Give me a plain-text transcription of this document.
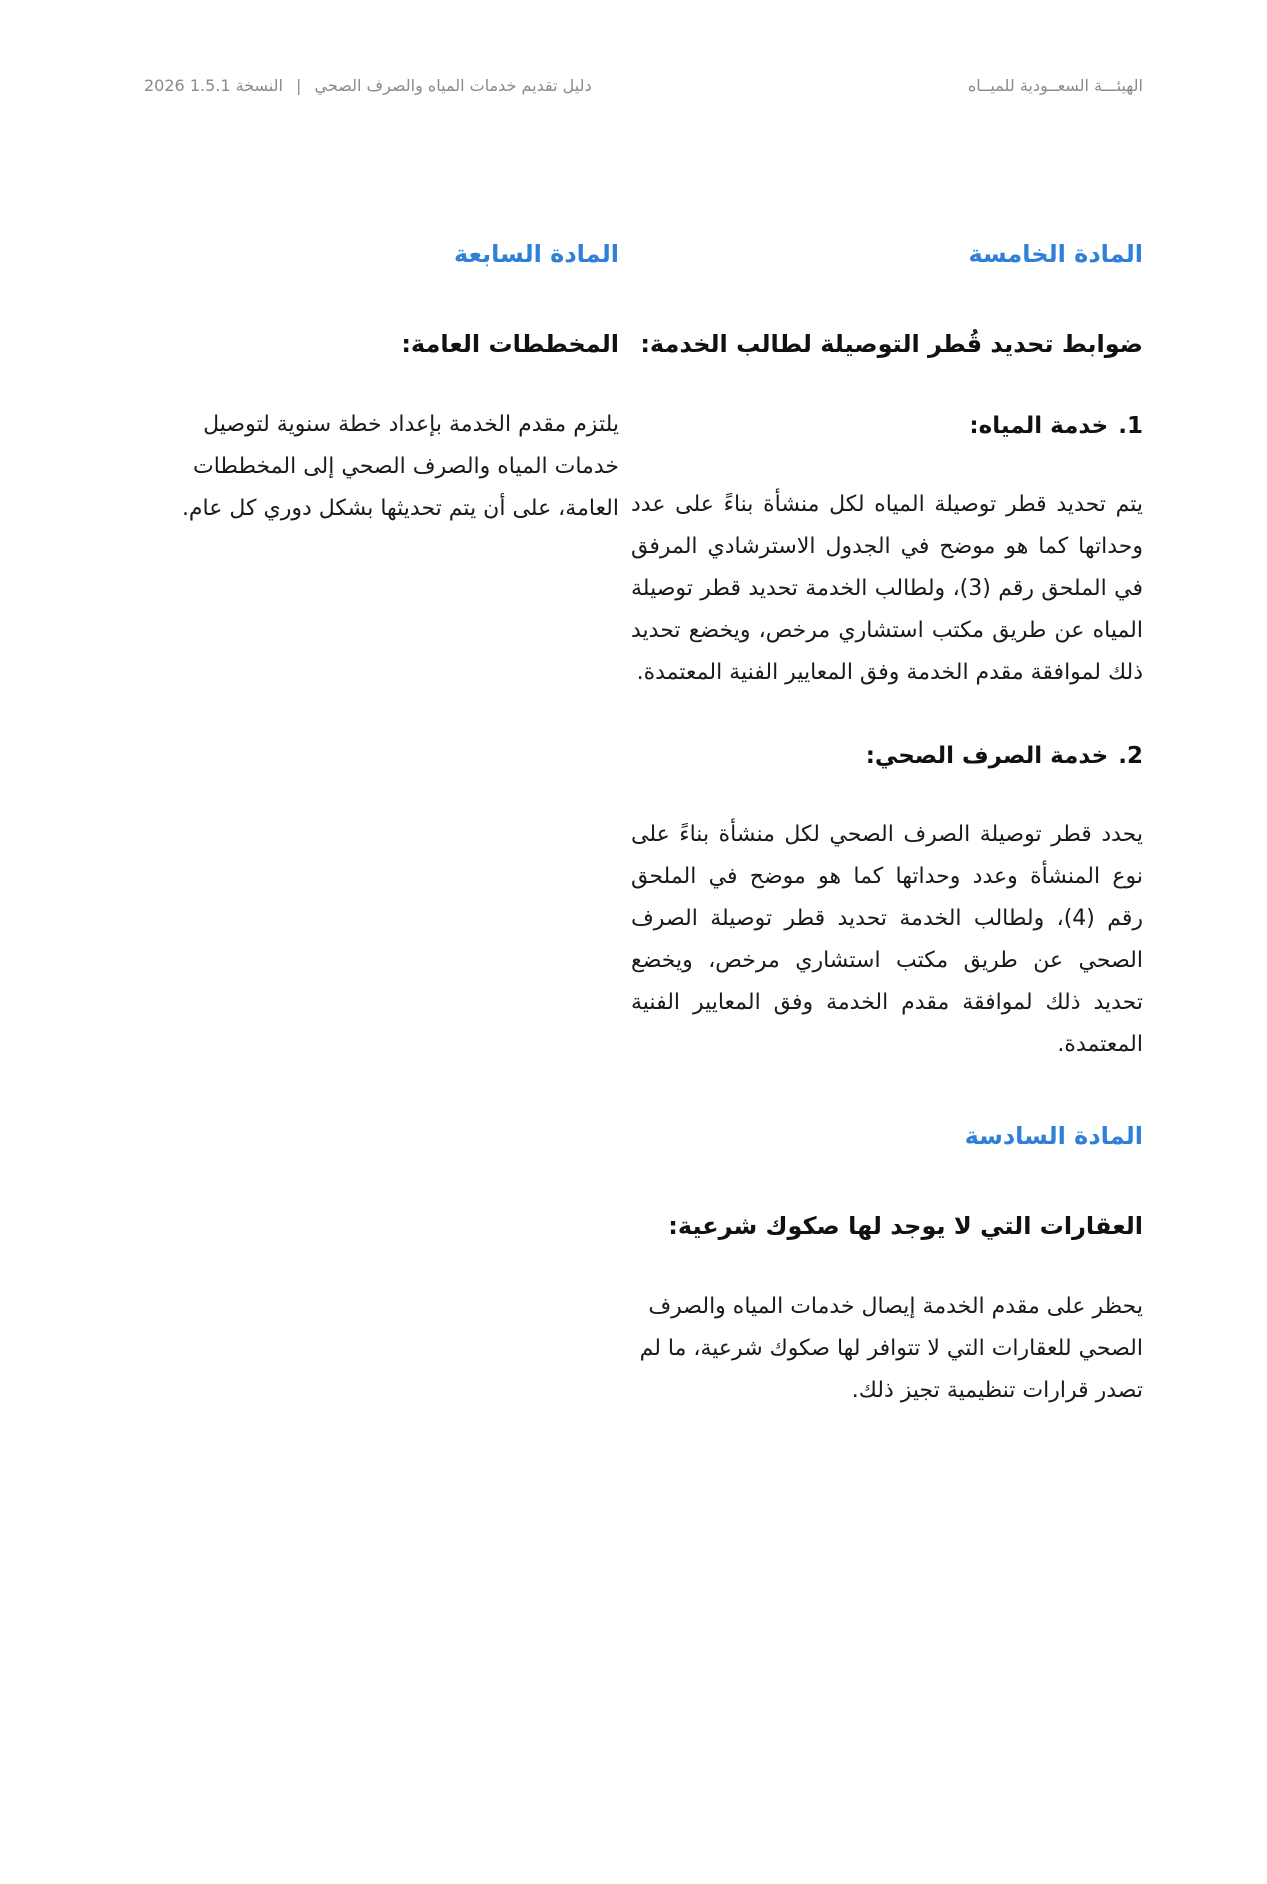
الهيئـــة السعــودية للميــاه
دليل تقديم خدمات المياه والصرف الصحي | النسخة 1.5.1 2026
المادة الخامسة
ضوابط تحديد قُطر التوصيلة لطالب الخدمة:
1.خدمة المياه:

يتم تحديد قطر توصيلة المياه لكل منشأة بناءً على عدد وحداتها كما هو موضح في الجدول الاسترشادي المرفق في الملحق رقم (3)، ولطالب الخدمة تحديد قطر توصيلة المياه عن طريق مكتب استشاري مرخص، ويخضع تحديد ذلك لموافقة مقدم الخدمة وفق المعايير الفنية المعتمدة.

2.خدمة الصرف الصحي:

يحدد قطر توصيلة الصرف الصحي لكل منشأة بناءً على نوع المنشأة وعدد وحداتها كما هو موضح في الملحق رقم (4)، ولطالب الخدمة تحديد قطر توصيلة الصرف الصحي عن طريق مكتب استشاري مرخص، ويخضع تحديد ذلك لموافقة مقدم الخدمة وفق المعايير الفنية المعتمدة.

المادة السادسة
العقارات التي لا يوجد لها صكوك شرعية:

يحظر على مقدم الخدمة إيصال خدمات المياه والصرف الصحي للعقارات التي لا تتوافر لها صكوك شرعية، ما لم تصدر قرارات تنظيمية تجيز ذلك.

المادة السابعة
المخططات العامة:

يلتزم مقدم الخدمة بإعداد خطة سنوية لتوصيل خدمات المياه والصرف الصحي إلى المخططات العامة، على أن يتم تحديثها بشكل دوري كل عام.
